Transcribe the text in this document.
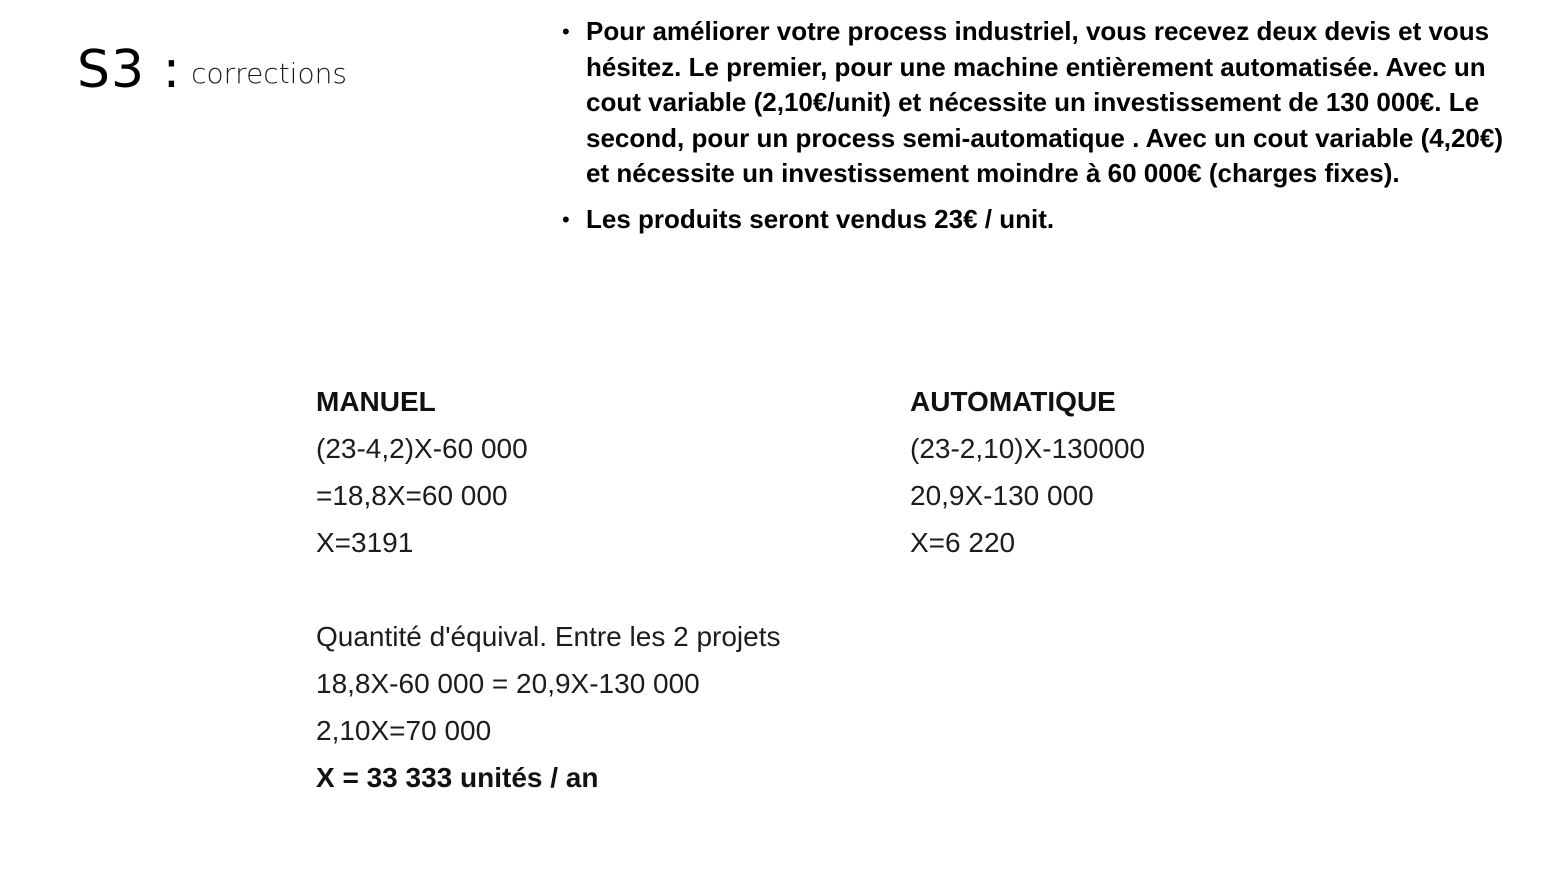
S3 : corrections
• Pour améliorer votre process industriel, vous recevez deux devis et vous hésitez. Le premier, pour une machine entièrement automatisée. Avec un cout variable (2,10€/unit) et nécessite un investissement de 130 000€. Le second, pour un process semi-automatique . Avec un cout variable (4,20€) et nécessite un investissement moindre à 60 000€ (charges fixes).
• Les produits seront vendus 23€ / unit.
MANUEL
(23-4,2)X-60 000
=18,8X=60 000
X=3191
AUTOMATIQUE
(23-2,10)X-130000
20,9X-130 000
X=6 220
Quantité d'équival. Entre les 2 projets
18,8X-60 000 = 20,9X-130 000
2,10X=70 000
X = 33 333 unités / an
